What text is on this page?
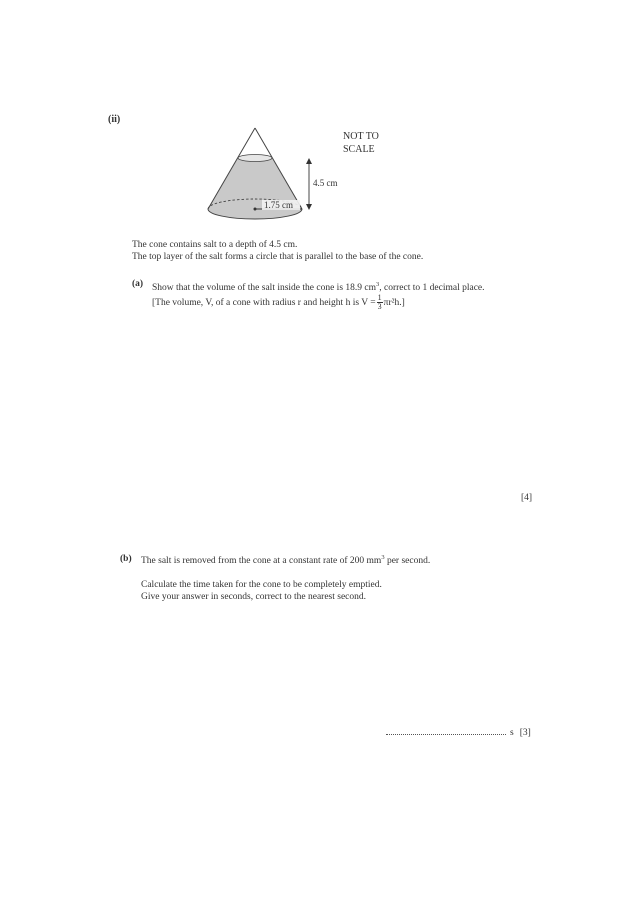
(ii)
4.5 cm
1.75 cm
NOT TO
SCALE
The cone contains salt to a depth of 4.5 cm.
The top layer of the salt forms a circle that is parallel to the base of the cone.
(a) Show that the volume of the salt inside the cone is 18.9 $cm^3$, correct to 1 decimal place.
[The volume, V, of a cone with radius r and height h is $V = \frac{1}{3} \pi r^2h$.]
[4]
(b) The salt is removed from the cone at a constant rate of 200 $mm^3$ per second.
Calculate the time taken for the cone to be completely emptied.
Give your answer in seconds, correct to the nearest second.
s [3]
